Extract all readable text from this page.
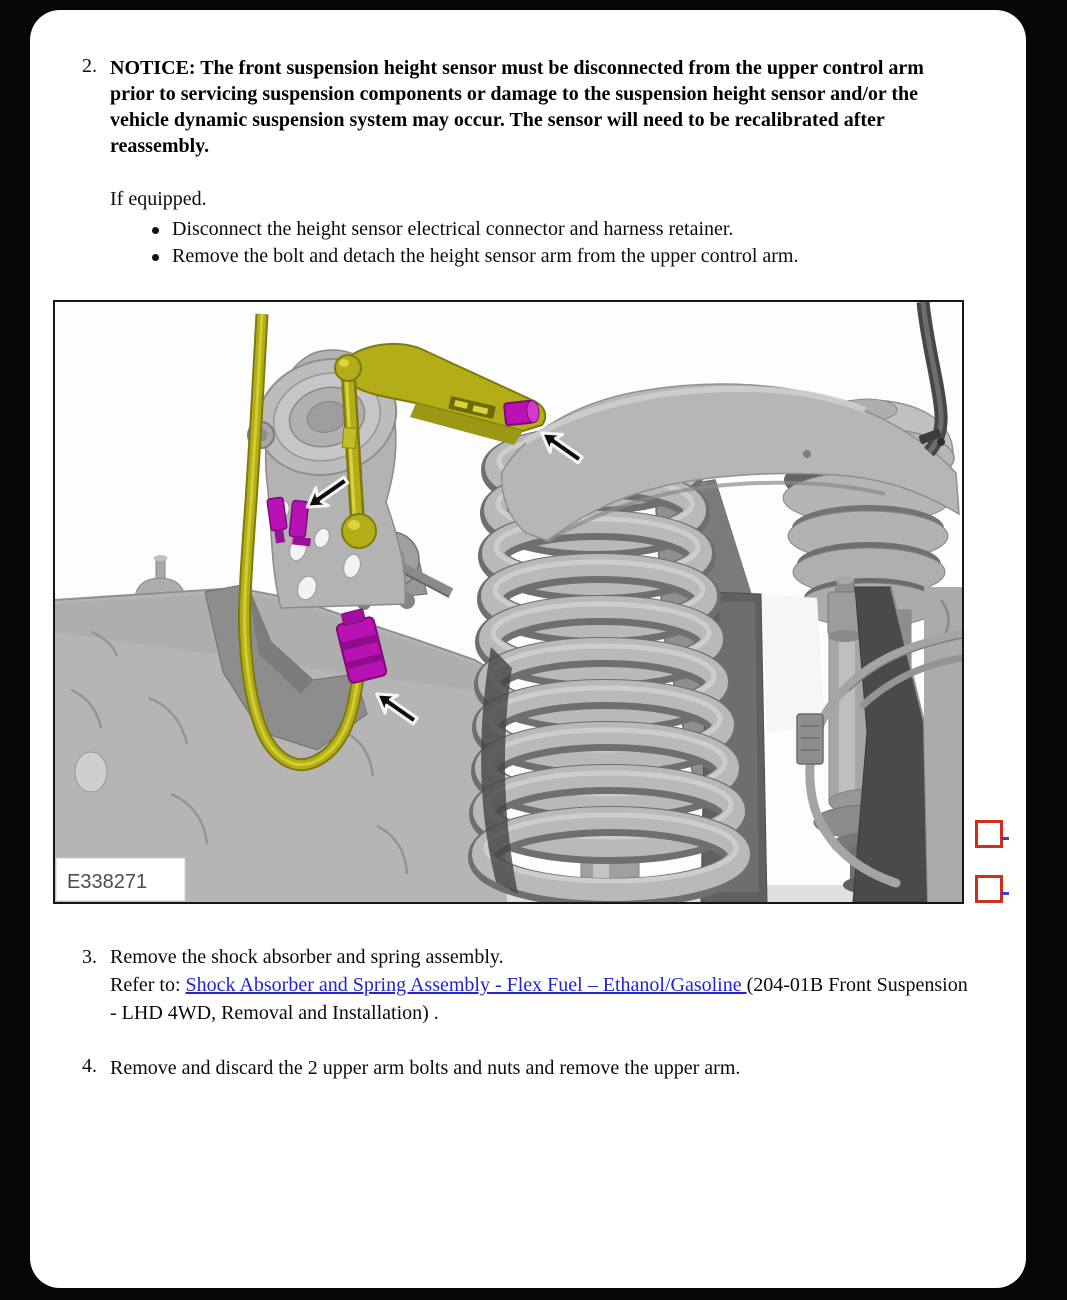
2. NOTICE: The front suspension height sensor must be disconnected from the upper control arm prior to servicing suspension components or damage to the suspension height sensor and/or the vehicle dynamic suspension system may occur. The sensor will need to be recalibrated after reassembly.
If equipped.
Disconnect the height sensor electrical connector and harness retainer.
Remove the bolt and detach the height sensor arm from the upper control arm.
E338271
3. Remove the shock absorber and spring assembly.
Refer to: Shock Absorber and Spring Assembly - Flex Fuel – Ethanol/Gasoline (204-01B Front Suspension - LHD 4WD, Removal and Installation) .
4. Remove and discard the 2 upper arm bolts and nuts and remove the upper arm.
